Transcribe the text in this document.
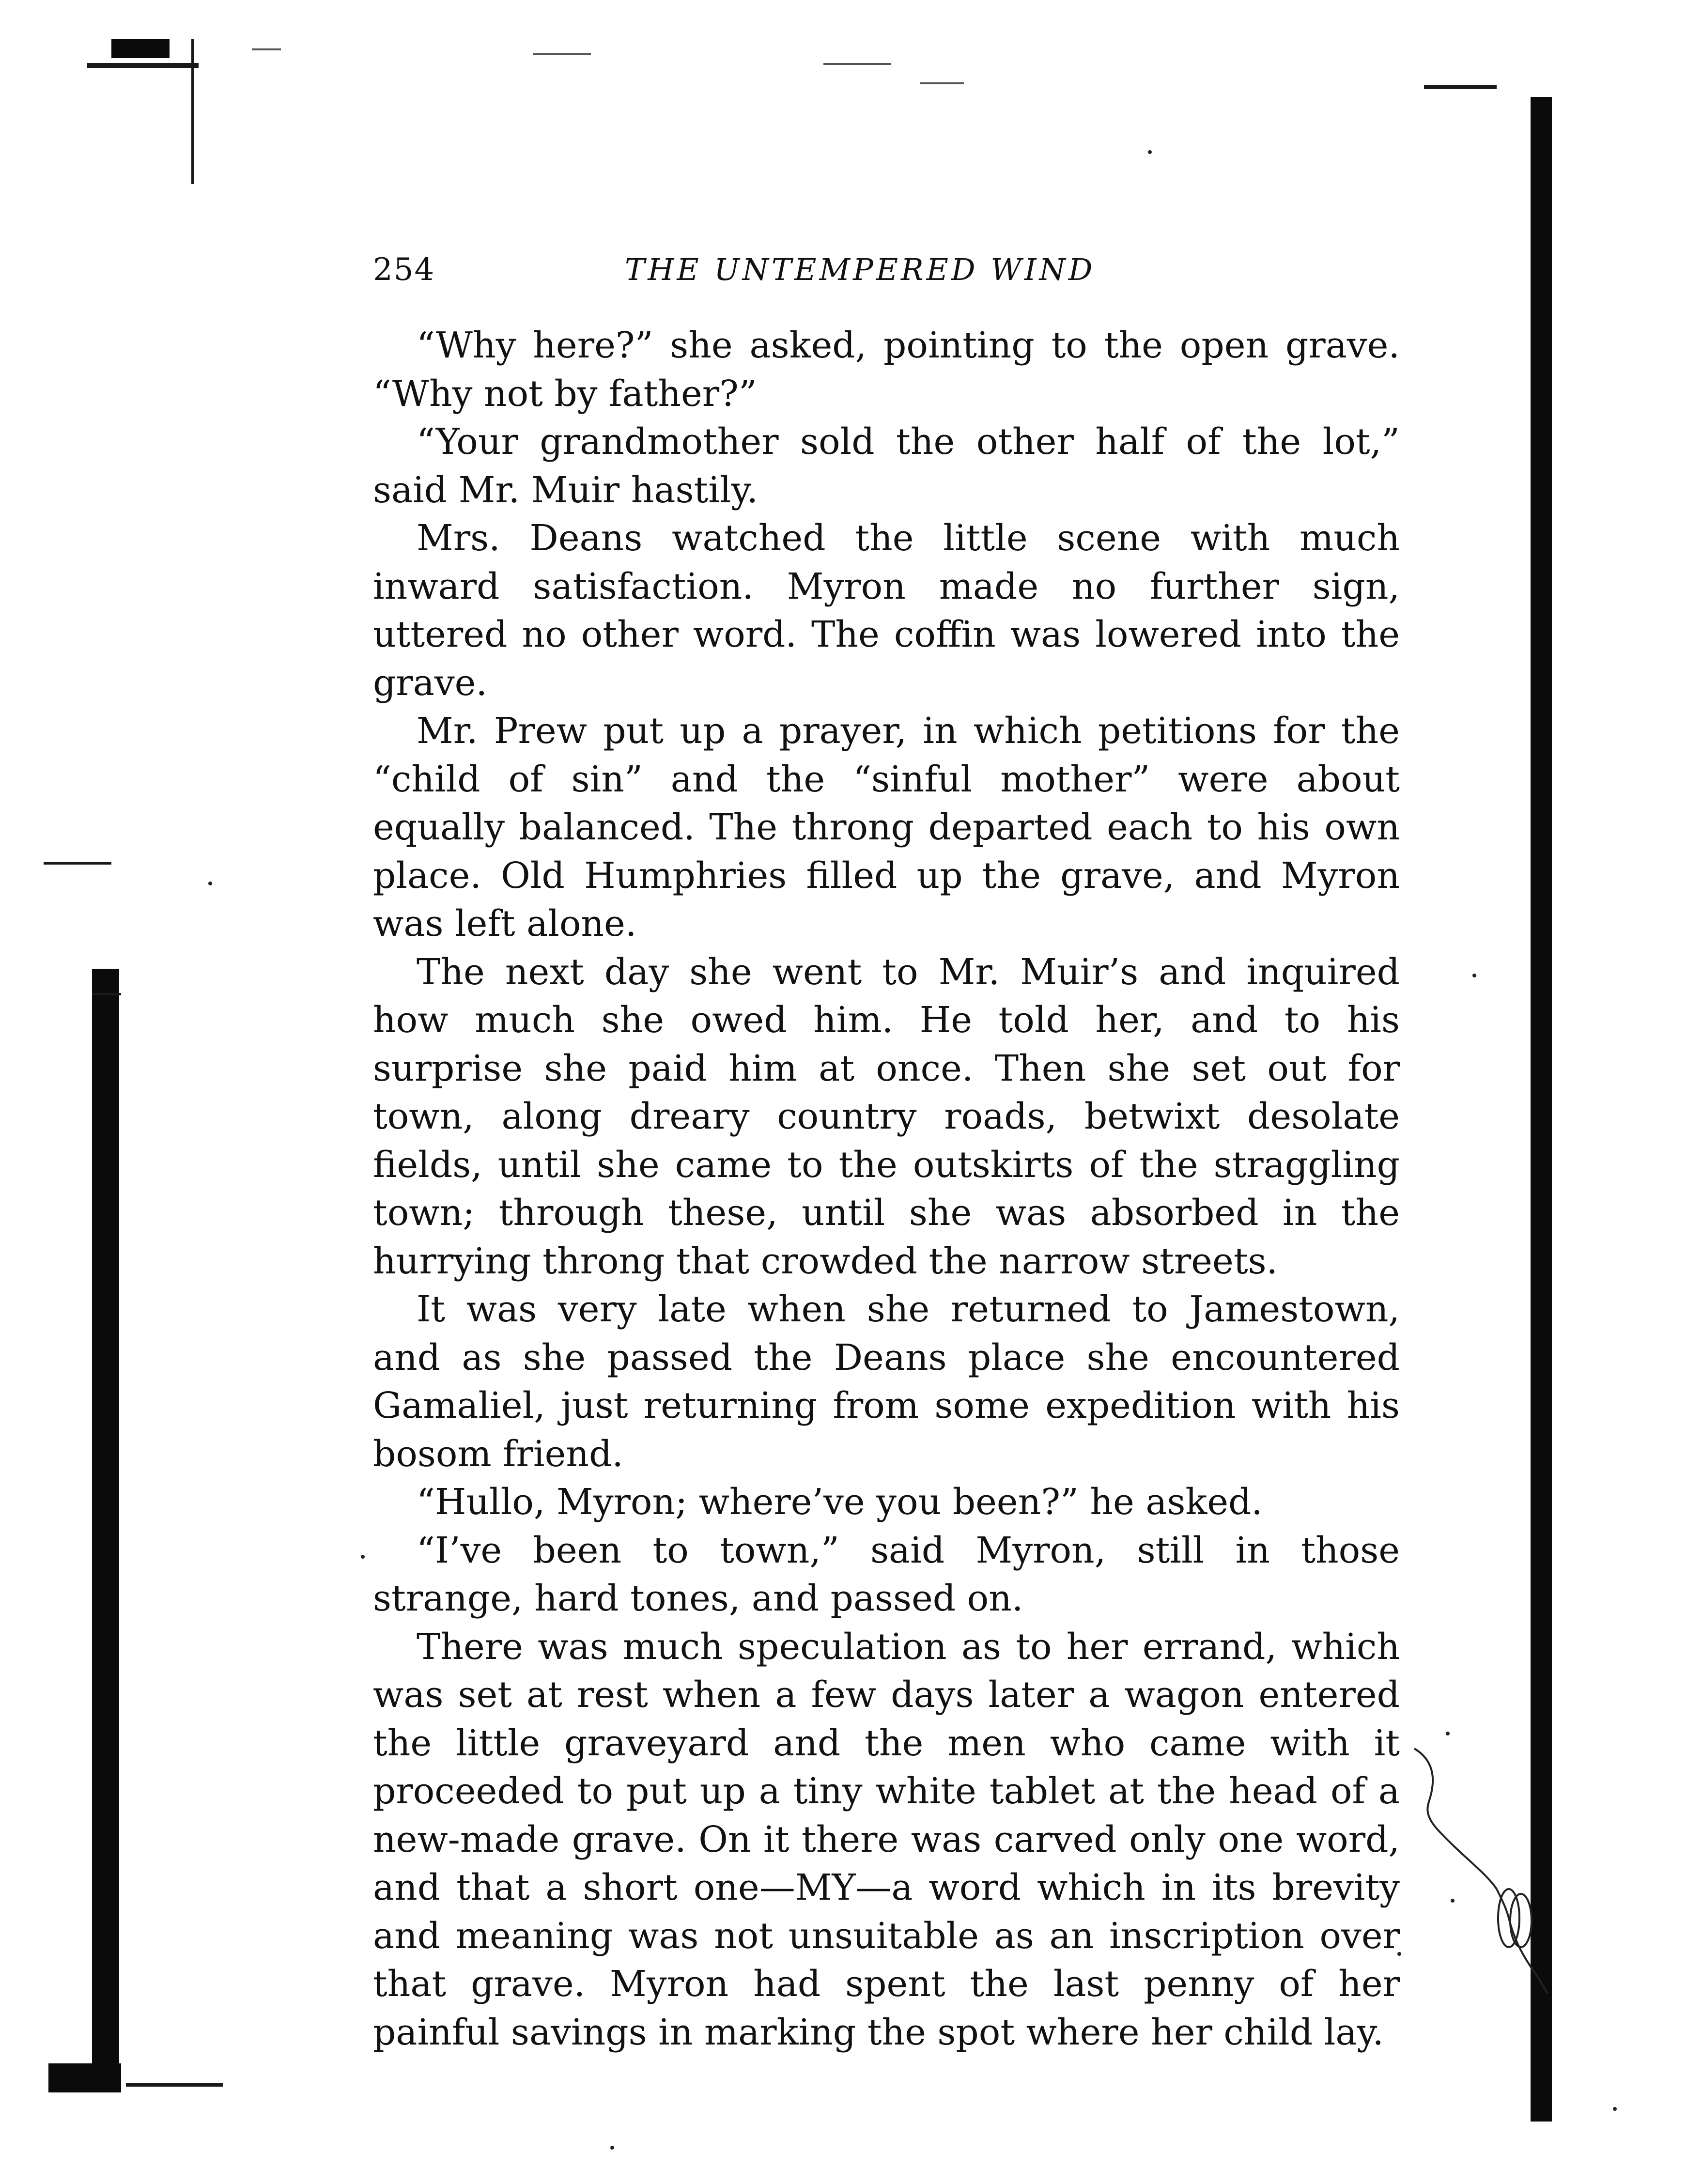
254	THE UNTEMPERED WIND

“Why here?” she asked, pointing to the open grave. “Why not by father?”

“Your grandmother sold the other half of the lot,” said Mr. Muir hastily.

Mrs. Deans watched the little scene with much inward satisfaction. Myron made no further sign, uttered no other word. The coffin was lowered into the grave.

Mr. Prew put up a prayer, in which petitions for the “child of sin” and the “sinful mother” were about equally balanced. The throng departed each to his own place. Old Humphries filled up the grave, and Myron was left alone.

The next day she went to Mr. Muir’s and inquired how much she owed him. He told her, and to his surprise she paid him at once. Then she set out for town, along dreary country roads, betwixt desolate fields, until she came to the outskirts of the straggling town; through these, until she was absorbed in the hurrying throng that crowded the narrow streets.

It was very late when she returned to Jamestown, and as she passed the Deans place she encountered Gamaliel, just returning from some expedition with his bosom friend.

“Hullo, Myron; where’ve you been?” he asked.

“I’ve been to town,” said Myron, still in those strange, hard tones, and passed on.

There was much speculation as to her errand, which was set at rest when a few days later a wagon entered the little graveyard and the men who came with it proceeded to put up a tiny white tablet at the head of a new-made grave. On it there was carved only one word, and that a short one—MY—a word which in its brevity and meaning was not unsuitable as an inscription over that grave. Myron had spent the last penny of her painful savings in marking the spot where her child lay.
